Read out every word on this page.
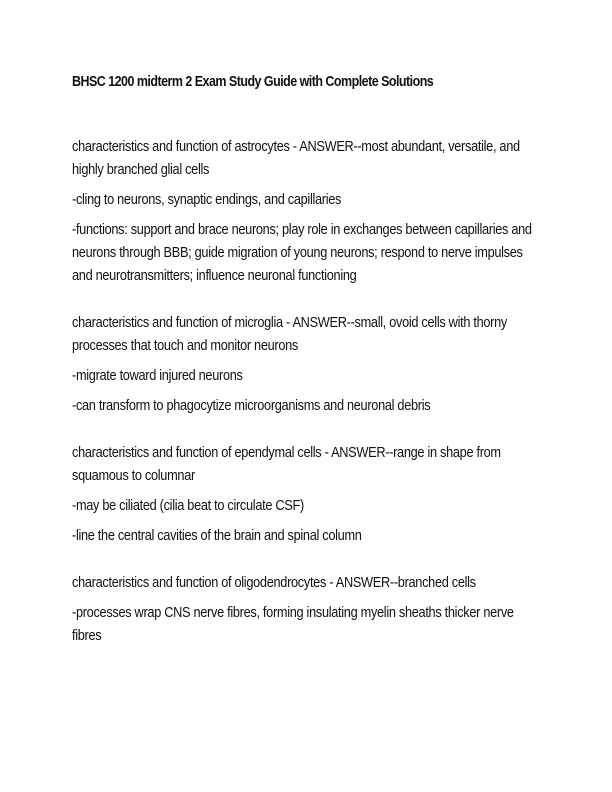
BHSC 1200 midterm 2 Exam Study Guide with Complete Solutions

characteristics and function of astrocytes - ANSWER--most abundant, versatile, and highly branched glial cells

-cling to neurons, synaptic endings, and capillaries

-functions: support and brace neurons; play role in exchanges between capillaries and neurons through BBB; guide migration of young neurons; respond to nerve impulses and neurotransmitters; influence neuronal functioning

characteristics and function of microglia - ANSWER--small, ovoid cells with thorny processes that touch and monitor neurons

-migrate toward injured neurons

-can transform to phagocytize microorganisms and neuronal debris

characteristics and function of ependymal cells - ANSWER--range in shape from squamous to columnar

-may be ciliated (cilia beat to circulate CSF)

-line the central cavities of the brain and spinal column

characteristics and function of oligodendrocytes - ANSWER--branched cells

-processes wrap CNS nerve fibres, forming insulating myelin sheaths thicker nerve fibres
